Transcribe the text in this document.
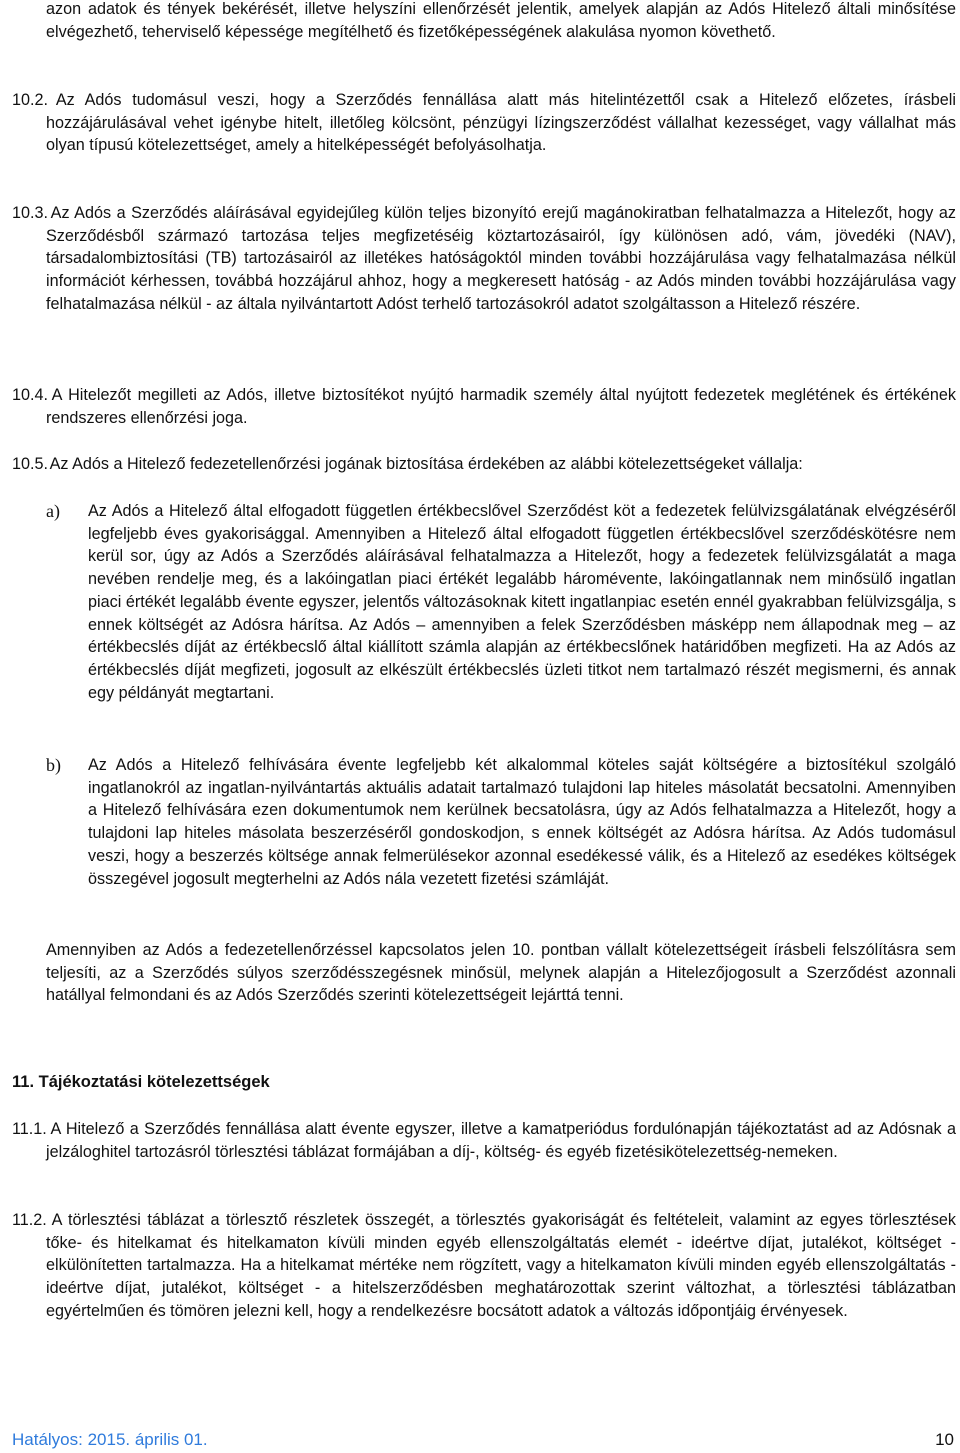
azon adatok és tények bekérését, illetve helyszíni ellenőrzését jelentik, amelyek alapján az Adós Hitelező általi minősítése elvégezhető, teherviselő képessége megítélhető és fizetőképességének alakulása nyomon követhető.

10.2. Az Adós tudomásul veszi, hogy a Szerződés fennállása alatt más hitelintézettől csak a Hitelező előzetes, írásbeli hozzájárulásával vehet igénybe hitelt, illetőleg kölcsönt, pénzügyi lízingszerződést vállalhat kezességet, vagy vállalhat más olyan típusú kötelezettséget, amely a hitelképességét befolyásolhatja.

10.3. Az Adós a Szerződés aláírásával egyidejűleg külön teljes bizonyító erejű magánokiratban felhatalmazza a Hitelezőt, hogy az Szerződésből származó tartozása teljes megfizetéséig köztartozásairól, így különösen adó, vám, jövedéki (NAV), társadalombiztosítási (TB) tartozásairól az illetékes hatóságoktól minden további hozzájárulása vagy felhatalmazása nélkül információt kérhessen, továbbá hozzájárul ahhoz, hogy a megkeresett hatóság - az Adós minden további hozzájárulása vagy felhatalmazása nélkül - az általa nyilvántartott Adóst terhelő tartozásokról adatot szolgáltasson a Hitelező részére.

10.4. A Hitelezőt megilleti az Adós, illetve biztosítékot nyújtó harmadik személy által nyújtott fedezetek meglétének és értékének rendszeres ellenőrzési joga.

10.5. Az Adós a Hitelező fedezetellenőrzési jogának biztosítása érdekében az alábbi kötelezettségeket vállalja:

a) Az Adós a Hitelező által elfogadott független értékbecslővel Szerződést köt a fedezetek felülvizsgálatának elvégzéséről legfeljebb éves gyakorisággal. Amennyiben a Hitelező által elfogadott független értékbecslővel szerződéskötésre nem kerül sor, úgy az Adós a Szerződés aláírásával felhatalmazza a Hitelezőt, hogy a fedezetek felülvizsgálatát a maga nevében rendelje meg, és a lakóingatlan piaci értékét legalább háromévente, lakóingatlannak nem minősülő ingatlan piaci értékét legalább évente egyszer, jelentős változásoknak kitett ingatlanpiac esetén ennél gyakrabban felülvizsgálja, s ennek költségét az Adósra hárítsa. Az Adós – amennyiben a felek Szerződésben másképp nem állapodnak meg – az értékbecslés díját az értékbecslő által kiállított számla alapján az értékbecslőnek határidőben megfizeti. Ha az Adós az értékbecslés díját megfizeti, jogosult az elkészült értékbecslés üzleti titkot nem tartalmazó részét megismerni, és annak egy példányát megtartani.
b) Az Adós a Hitelező felhívására évente legfeljebb két alkalommal köteles saját költségére a biztosítékul szolgáló ingatlanokról az ingatlan-nyilvántartás aktuális adatait tartalmazó tulajdoni lap hiteles másolatát becsatolni. Amennyiben a Hitelező felhívására ezen dokumentumok nem kerülnek becsatolásra, úgy az Adós felhatalmazza a Hitelezőt, hogy a tulajdoni lap hiteles másolata beszerzéséről gondoskodjon, s ennek költségét az Adósra hárítsa. Az Adós tudomásul veszi, hogy a beszerzés költsége annak felmerülésekor azonnal esedékessé válik, és a Hitelező az esedékes költségek összegével jogosult megterhelni az Adós nála vezetett fizetési számláját.

Amennyiben az Adós a fedezetellenőrzéssel kapcsolatos jelen 10. pontban vállalt kötelezettségeit írásbeli felszólításra sem teljesíti, az a Szerződés súlyos szerződésszegésnek minősül, melynek alapján a Hitelezőjogosult a Szerződést azonnali hatállyal felmondani és az Adós Szerződés szerinti kötelezettségeit lejárttá tenni.

11. Tájékoztatási kötelezettségek

11.1. A Hitelező a Szerződés fennállása alatt évente egyszer, illetve a kamatperiódus fordulónapján tájékoztatást ad az Adósnak a jelzáloghitel tartozásról törlesztési táblázat formájában a díj-, költség- és egyéb fizetésikötelezettség-nemeken.

11.2. A törlesztési táblázat a törlesztő részletek összegét, a törlesztés gyakoriságát és feltételeit, valamint az egyes törlesztések tőke- és hitelkamat és hitelkamaton kívüli minden egyéb ellenszolgáltatás elemét - ideértve díjat, jutalékot, költséget - elkülönítetten tartalmazza. Ha a hitelkamat mértéke nem rögzített, vagy a hitelkamaton kívüli minden egyéb ellenszolgáltatás - ideértve díjat, jutalékot, költséget - a hitelszerződésben meghatározottak szerint változhat, a törlesztési táblázatban egyértelműen és tömören jelezni kell, hogy a rendelkezésre bocsátott adatok a változás időpontjáig érvényesek.

Hatályos: 2015. április 01.	10
